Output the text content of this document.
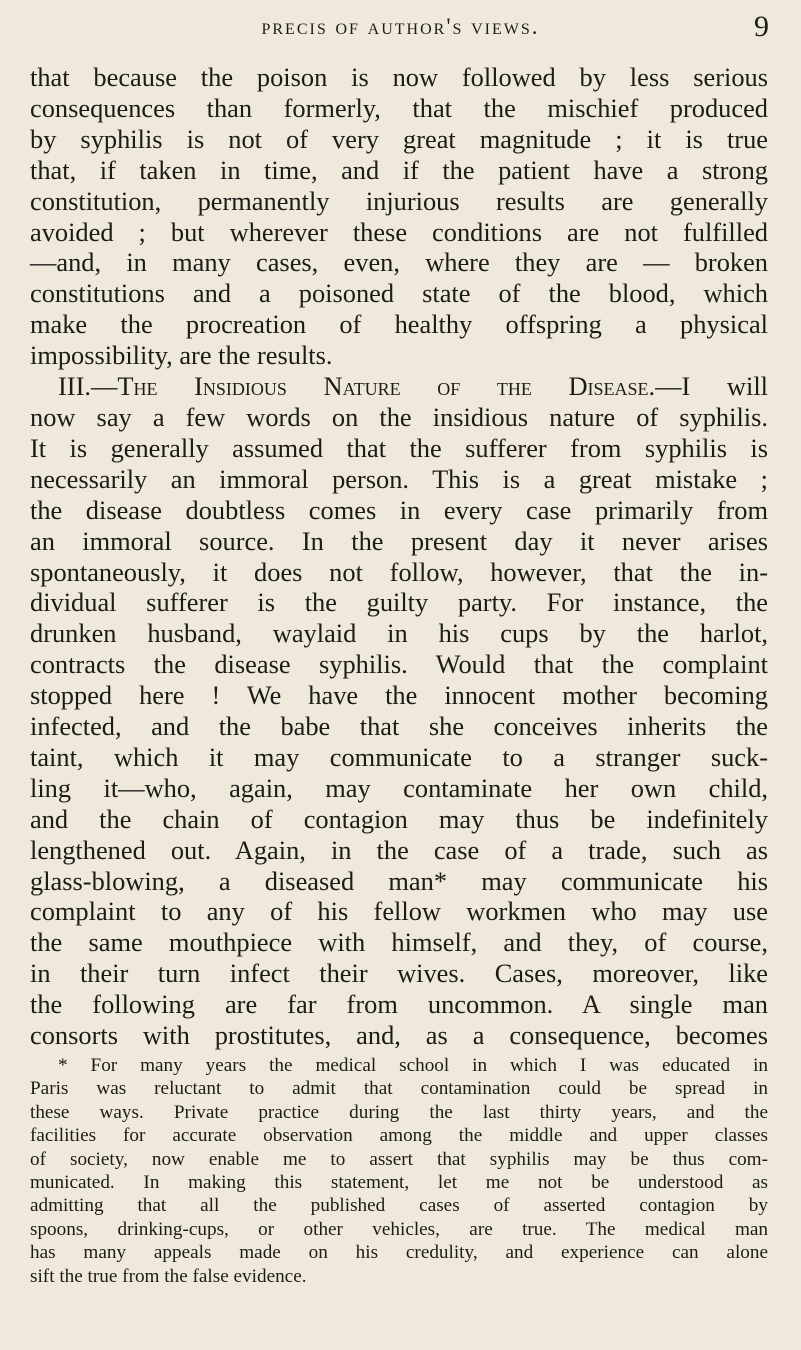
precis of author's views.	9
that because the poison is now followed by less serious
consequences than formerly, that the mischief produced
by syphilis is not of very great magnitude ; it is true
that, if taken in time, and if the patient have a strong
constitution, permanently injurious results are generally
avoided ; but wherever these conditions are not fulfilled
—and, in many cases, even, where they are — broken
constitutions and a poisoned state of the blood, which
make the procreation of healthy offspring a physical
impossibility, are the results.
III.—The Insidious Nature of the Disease.—I will
now say a few words on the insidious nature of syphilis.
It is generally assumed that the sufferer from syphilis is
necessarily an immoral person. This is a great mistake ;
the disease doubtless comes in every case primarily from
an immoral source. In the present day it never arises
spontaneously, it does not follow, however, that the in-
dividual sufferer is the guilty party. For instance, the
drunken husband, waylaid in his cups by the harlot,
contracts the disease syphilis. Would that the complaint
stopped here ! We have the innocent mother becoming
infected, and the babe that she conceives inherits the
taint, which it may communicate to a stranger suck-
ling it—who, again, may contaminate her own child,
and the chain of contagion may thus be indefinitely
lengthened out. Again, in the case of a trade, such as
glass-blowing, a diseased man* may communicate his
complaint to any of his fellow workmen who may use
the same mouthpiece with himself, and they, of course,
in their turn infect their wives. Cases, moreover, like
the following are far from uncommon. A single man
consorts with prostitutes, and, as a consequence, becomes
* For many years the medical school in which I was educated in
Paris was reluctant to admit that contamination could be spread in
these ways. Private practice during the last thirty years, and the
facilities for accurate observation among the middle and upper classes
of society, now enable me to assert that syphilis may be thus com-
municated. In making this statement, let me not be understood as
admitting that all the published cases of asserted contagion by
spoons, drinking-cups, or other vehicles, are true. The medical man
has many appeals made on his credulity, and experience can alone
sift the true from the false evidence.
